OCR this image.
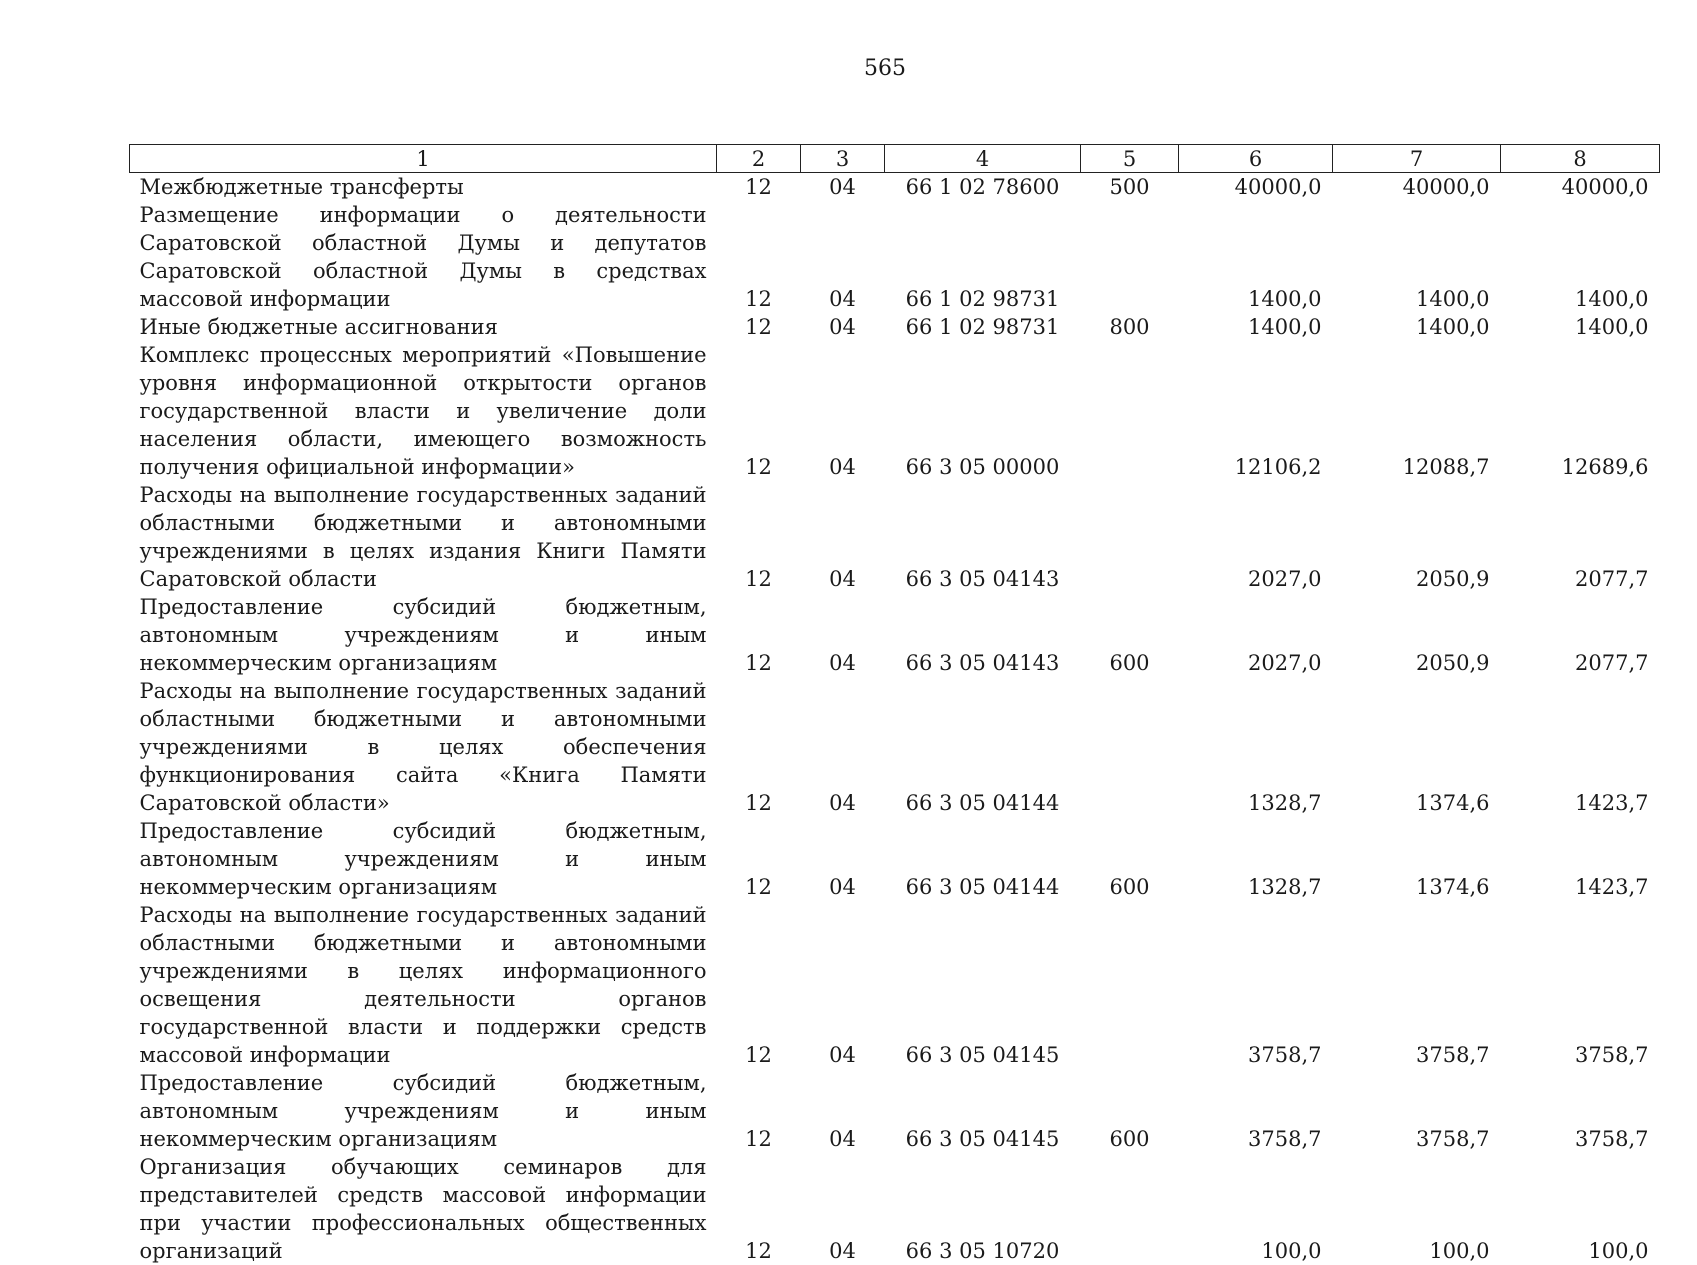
565
1	2	3	4	5	6	7	8
Межбюджетные трансферты	12	04	66 1 02 78600	500	40000,0	40000,0	40000,0
Размещение информации о деятельности Саратовской областной Думы и депутатов Саратовской областной Думы в средствах массовой информации	12	04	66 1 02 98731		1400,0	1400,0	1400,0
Иные бюджетные ассигнования	12	04	66 1 02 98731	800	1400,0	1400,0	1400,0
Комплекс процессных мероприятий «Повышение уровня информационной открытости органов государственной власти и увеличение доли населения области, имеющего возможность получения официальной информации»	12	04	66 3 05 00000		12106,2	12088,7	12689,6
Расходы на выполнение государственных заданий областными бюджетными и автономными учреждениями в целях издания Книги Памяти Саратовской области	12	04	66 3 05 04143		2027,0	2050,9	2077,7
Предоставление субсидий бюджетным, автономным учреждениям и иным некоммерческим организациям	12	04	66 3 05 04143	600	2027,0	2050,9	2077,7
Расходы на выполнение государственных заданий областными бюджетными и автономными учреждениями в целях обеспечения функционирования сайта «Книга Памяти Саратовской области»	12	04	66 3 05 04144		1328,7	1374,6	1423,7
Предоставление субсидий бюджетным, автономным учреждениям и иным некоммерческим организациям	12	04	66 3 05 04144	600	1328,7	1374,6	1423,7
Расходы на выполнение государственных заданий областными бюджетными и автономными учреждениями в целях информационного освещения деятельности органов государственной власти и поддержки средств массовой информации	12	04	66 3 05 04145		3758,7	3758,7	3758,7
Предоставление субсидий бюджетным, автономным учреждениям и иным некоммерческим организациям	12	04	66 3 05 04145	600	3758,7	3758,7	3758,7
Организация обучающих семинаров для представителей средств массовой информации при участии профессиональных общественных организаций	12	04	66 3 05 10720		100,0	100,0	100,0
